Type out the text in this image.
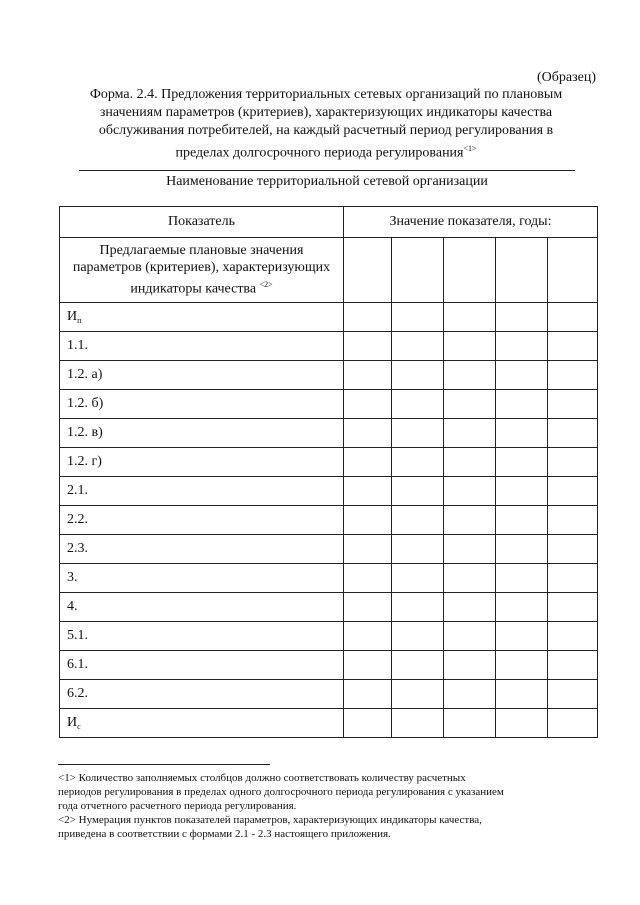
(Образец)
Форма. 2.4. Предложения территориальных сетевых организаций по плановым
значениям параметров (критериев), характеризующих индикаторы качества
обслуживания потребителей, на каждый расчетный период регулирования в
пределах долгосрочного периода регулирования$^{<1>}$
Наименование территориальной сетевой организации
Показатель	Значение показателя, годы:				

Предлагаемые плановые значения
параметров (критериев), характеризующих
индикаторы качества $^{<2>}$

$И_п$					
1.1.					
1.2. а)					
1.2. б)					
1.2. в)					
1.2. г)					
2.1.					
2.2.					
2.3.					
3.					
4.					
5.1.					
6.1.					
6.2.					
$И_с$					

<1> Количество заполняемых столбцов должно соответствовать количеству расчетных

периодов регулирования в пределах одного долгосрочного периода регулирования с указанием

года отчетного расчетного периода регулирования.

<2> Нумерация пунктов показателей параметров, характеризующих индикаторы качества,

приведена в соответствии с формами 2.1 - 2.3 настоящего приложения.
